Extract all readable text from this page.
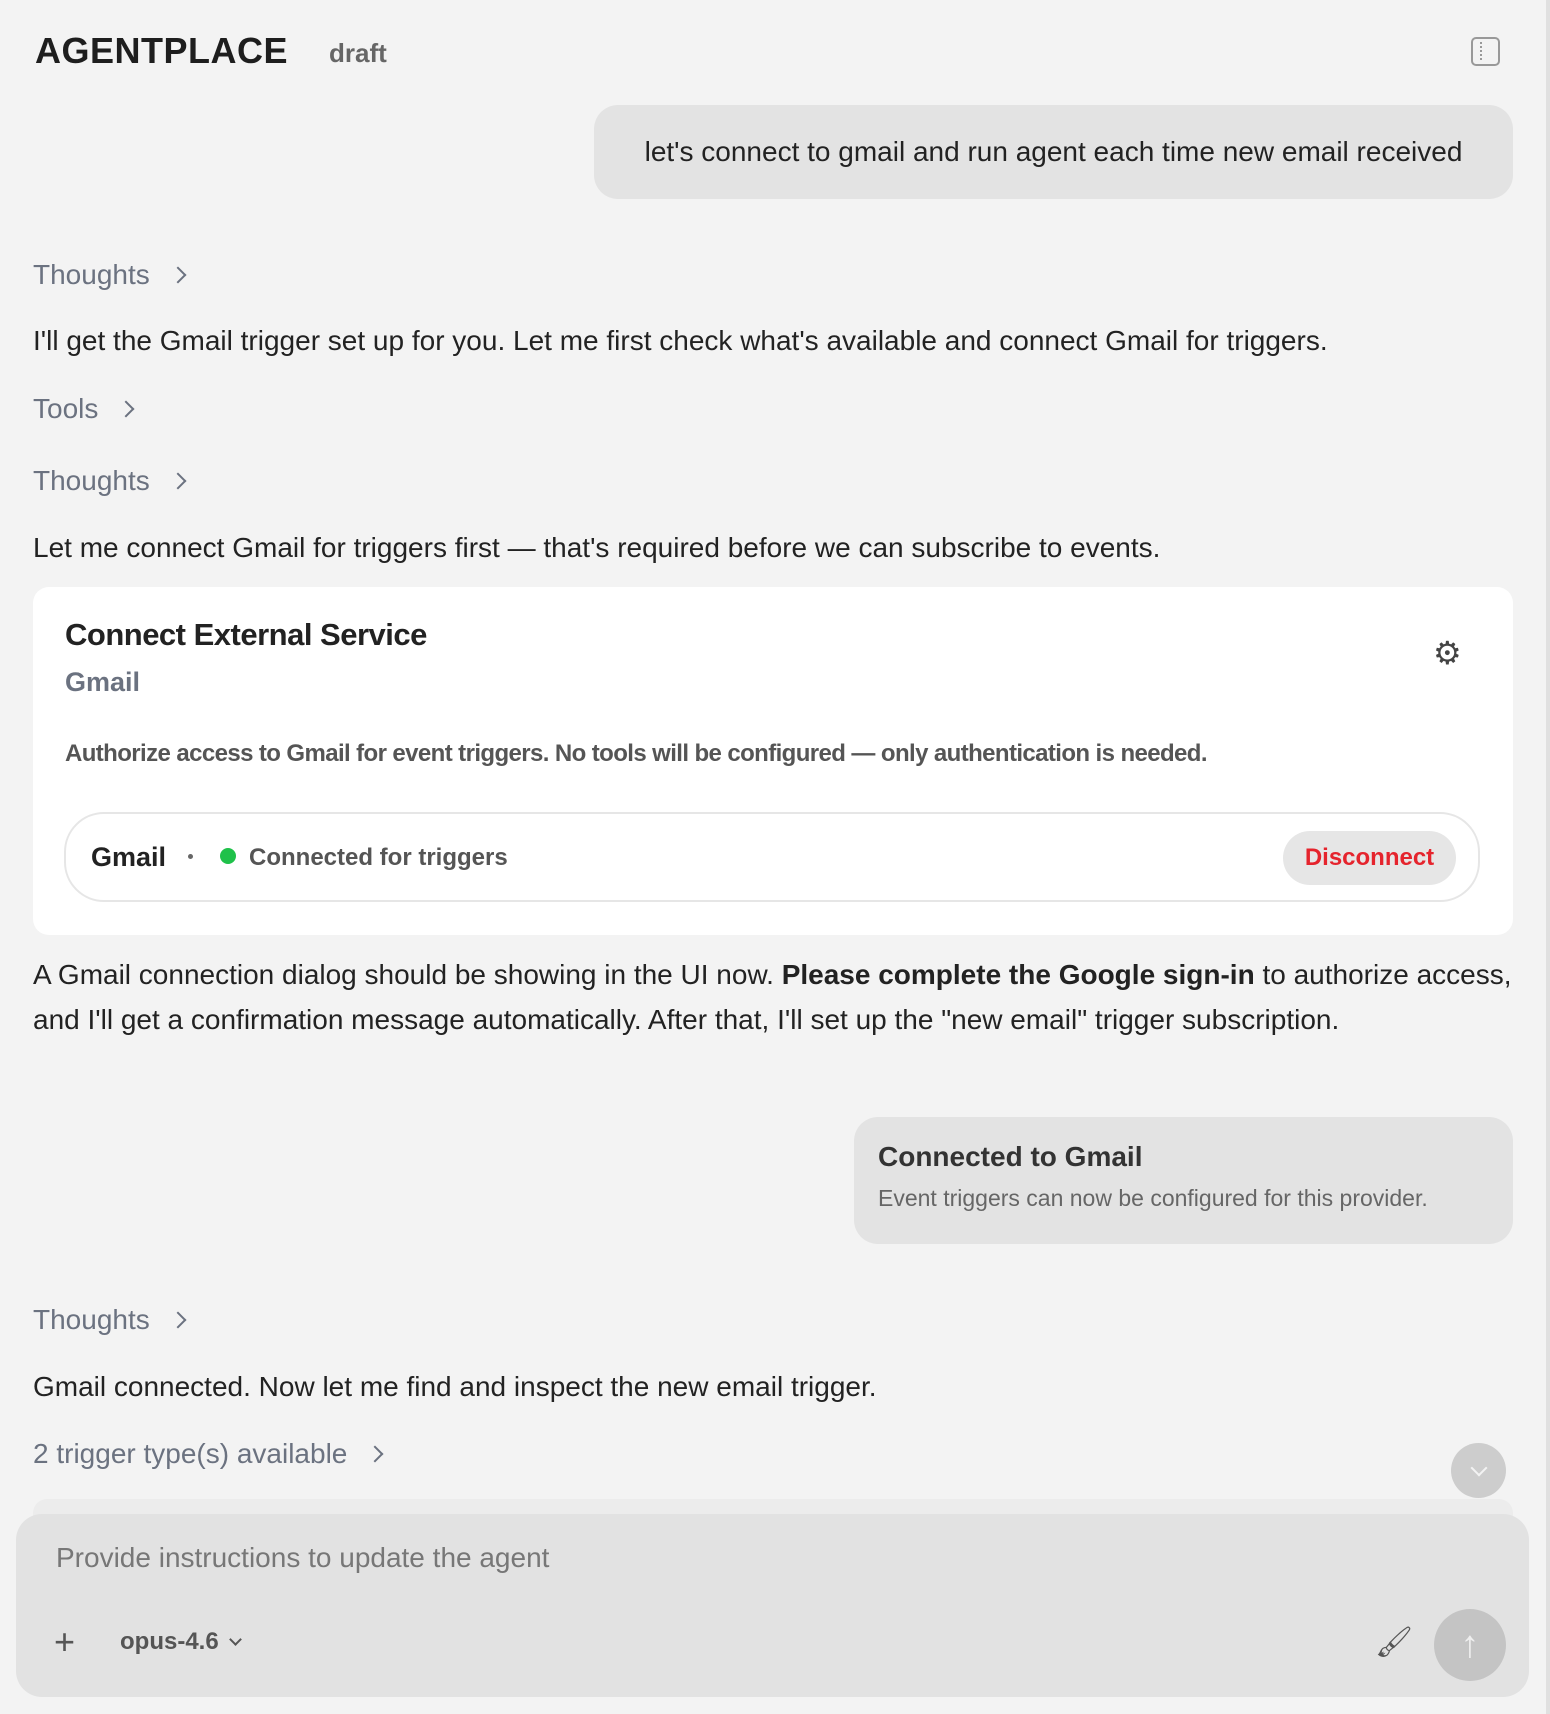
AGENTPLACE draft
let's connect to gmail and run agent each time new email received
Thoughts
I'll get the Gmail trigger set up for you. Let me first check what's available and connect Gmail for triggers.
Tools
Thoughts
Let me connect Gmail for triggers first — that's required before we can subscribe to events.
Connect External Service
Gmail
⚙
Authorize access to Gmail for event triggers. No tools will be configured — only authentication is needed.
Gmail	Connected for triggers	Disconnect
A Gmail connection dialog should be showing in the UI now. Please complete the Google sign-in to authorize access, and I'll get a confirmation message automatically. After that, I'll set up the "new email" trigger subscription.
Connected to Gmail
Event triggers can now be configured for this provider.
Thoughts
Gmail connected. Now let me find and inspect the new email trigger.
2 trigger type(s) available
Provide instructions to update the agent
+ opus-4.6	🖌 ↑
